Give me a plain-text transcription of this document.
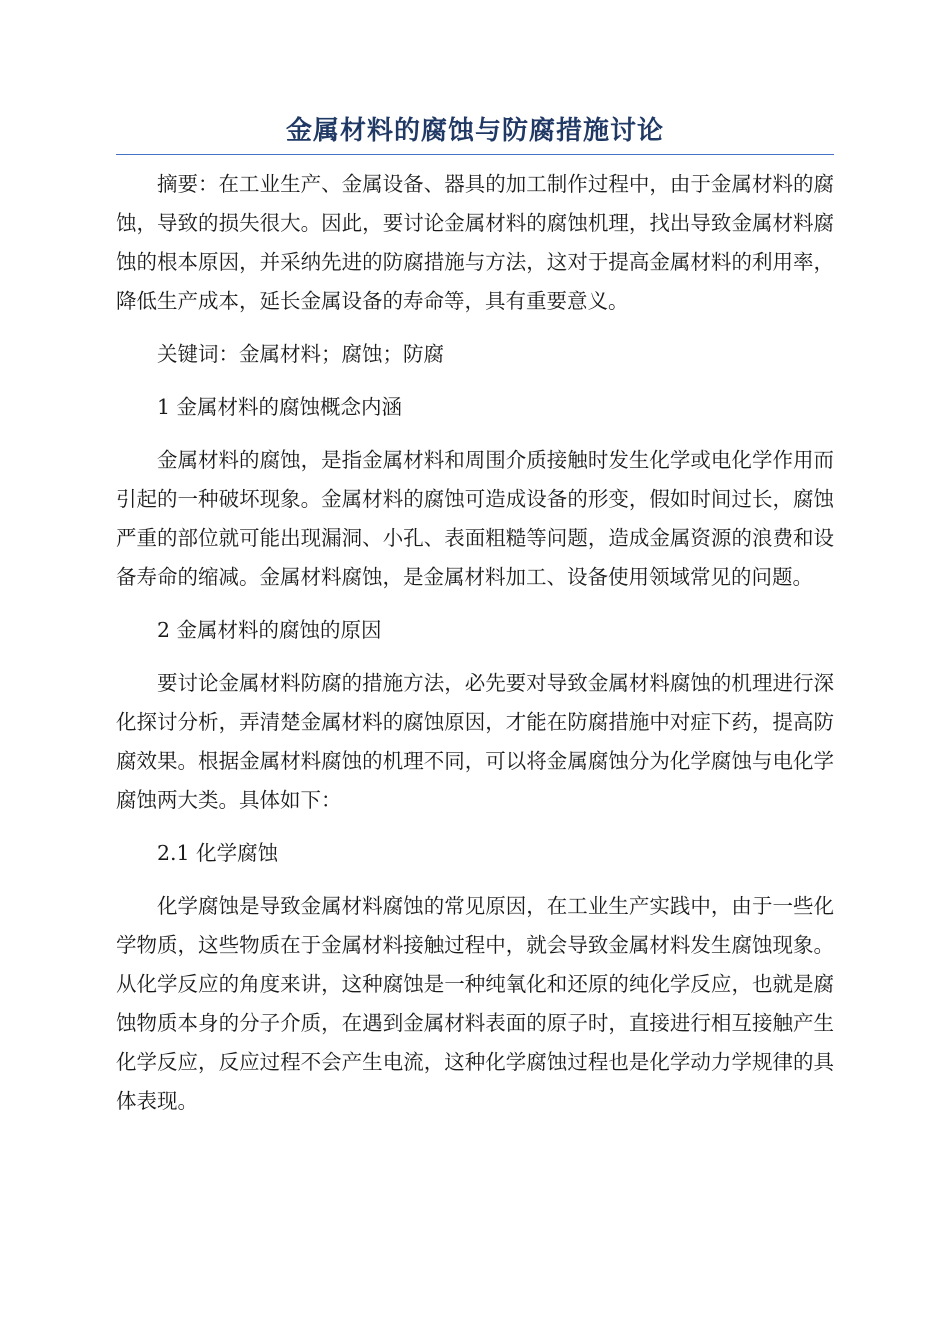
金属材料的腐蚀与防腐措施讨论

摘要：在工业生产、金属设备、器具的加工制作过程中，由于金属材料的腐蚀，导致的损失很大。因此，要讨论金属材料的腐蚀机理，找出导致金属材料腐蚀的根本原因，并采纳先进的防腐措施与方法，这对于提高金属材料的利用率，降低生产成本，延长金属设备的寿命等，具有重要意义。

关键词：金属材料；腐蚀；防腐

1 金属材料的腐蚀概念内涵

金属材料的腐蚀，是指金属材料和周围介质接触时发生化学或电化学作用而引起的一种破坏现象。金属材料的腐蚀可造成设备的形变，假如时间过长，腐蚀严重的部位就可能出现漏洞、小孔、表面粗糙等问题，造成金属资源的浪费和设备寿命的缩减。金属材料腐蚀，是金属材料加工、设备使用领域常见的问题。

2 金属材料的腐蚀的原因

要讨论金属材料防腐的措施方法，必先要对导致金属材料腐蚀的机理进行深化探讨分析，弄清楚金属材料的腐蚀原因，才能在防腐措施中对症下药，提高防腐效果。根据金属材料腐蚀的机理不同，可以将金属腐蚀分为化学腐蚀与电化学腐蚀两大类。具体如下：

2.1 化学腐蚀

化学腐蚀是导致金属材料腐蚀的常见原因，在工业生产实践中，由于一些化学物质，这些物质在于金属材料接触过程中，就会导致金属材料发生腐蚀现象。从化学反应的角度来讲，这种腐蚀是一种纯氧化和还原的纯化学反应，也就是腐蚀物质本身的分子介质，在遇到金属材料表面的原子时，直接进行相互接触产生化学反应，反应过程不会产生电流，这种化学腐蚀过程也是化学动力学规律的具体表现。
